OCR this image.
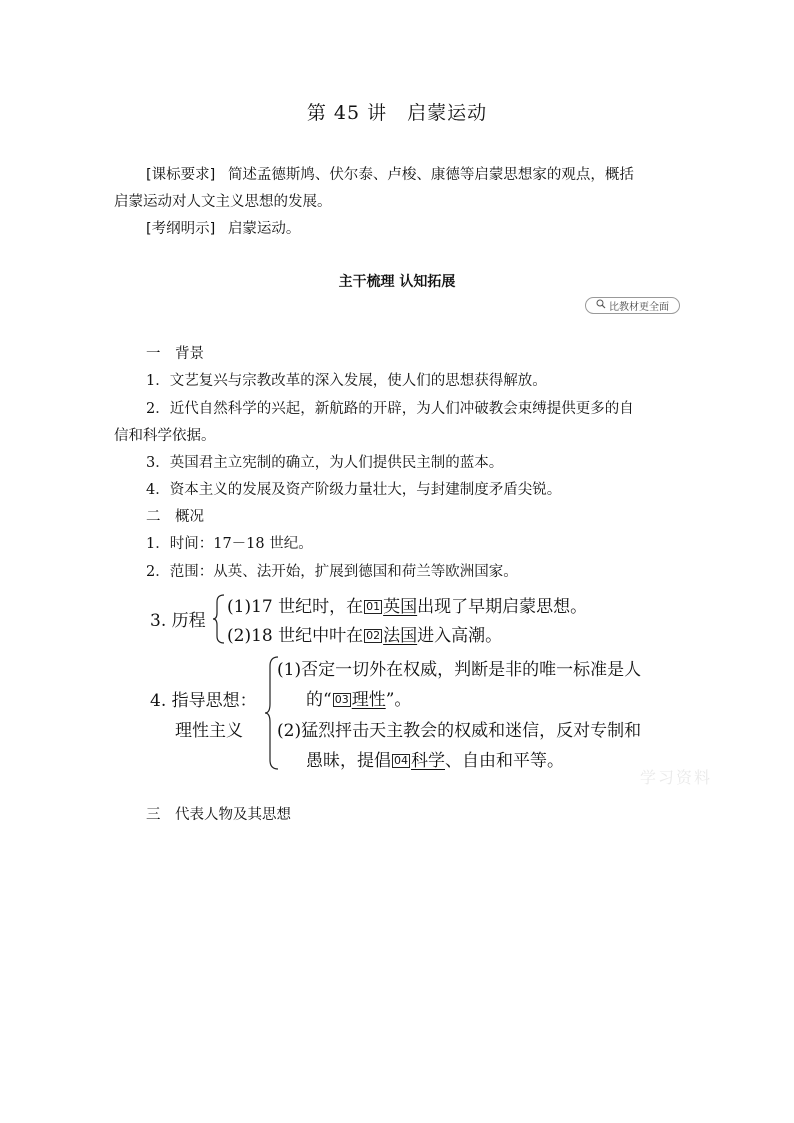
第 45 讲　启蒙运动
[课标要求] 简述孟德斯鸠、伏尔泰、卢梭、康德等启蒙思想家的观点，概括
启蒙运动对人文主义思想的发展。
[考纲明示] 启蒙运动。
主干梳理 认知拓展
比教材更全面
一　背景
1．文艺复兴与宗教改革的深入发展，使人们的思想获得解放。
2．近代自然科学的兴起，新航路的开辟，为人们冲破教会束缚提供更多的自
信和科学依据。
3．英国君主立宪制的确立，为人们提供民主制的蓝本。
4．资本主义的发展及资产阶级力量壮大，与封建制度矛盾尖锐。
二　概况
1．时间：17－18 世纪。
2．范围：从英、法开始，扩展到德国和荷兰等欧洲国家。
3. 历程
(1)17 世纪时，在 01 英国出现了早期启蒙思想。
(2)18 世纪中叶在 02 法国进入高潮。
4. 指导思想：
理性主义
(1)否定一切外在权威，判断是非的唯一标准是人
的“ 03 理性”。
(2)猛烈抨击天主教会的权威和迷信，反对专制和
愚昧，提倡 04 科学、自由和平等。
学习资料
三　代表人物及其思想
